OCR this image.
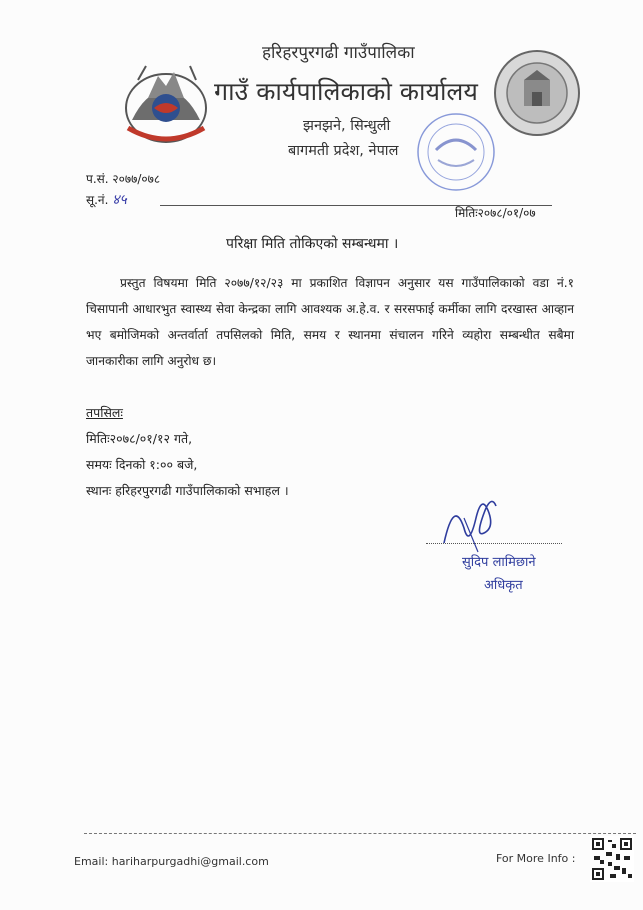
हरिहरपुरगढी गाउँपालिका
गाउँ कार्यपालिकाको कार्यालय
झनझने, सिन्धुली
बागमती प्रदेश, नेपाल
प.सं. २०७७/०७८
सू.नं. ४५
मितिः२०७८/०१/०७
परिक्षा मिति तोकिएको सम्बन्धमा ।

प्रस्तुत विषयमा मिति २०७७/१२/२३ मा प्रकाशित विज्ञापन अनुसार यस गाउँपालिकाको वडा नं.१ चिसापानी आधारभुत स्वास्थ्य सेवा केन्द्रका लागि आवश्यक अ.हे.व. र सरसफाई कर्मीका लागि दरखास्त आव्हान भए बमोजिमको अन्तर्वार्ता तपसिलको मिति, समय र स्थानमा संचालन गरिने व्यहोरा सम्बन्धीत सबैमा जानकारीका लागि अनुरोध छ।

तपसिलः
मितिः२०७८/०१/१२ गते,
समयः दिनको १:०० बजे,
स्थानः हरिहरपुरगढी गाउँपालिकाको सभाहल ।
सुदिप लामिछाने
अधिकृत
Email: hariharpurgadhi@gmail.com	For More Info :
